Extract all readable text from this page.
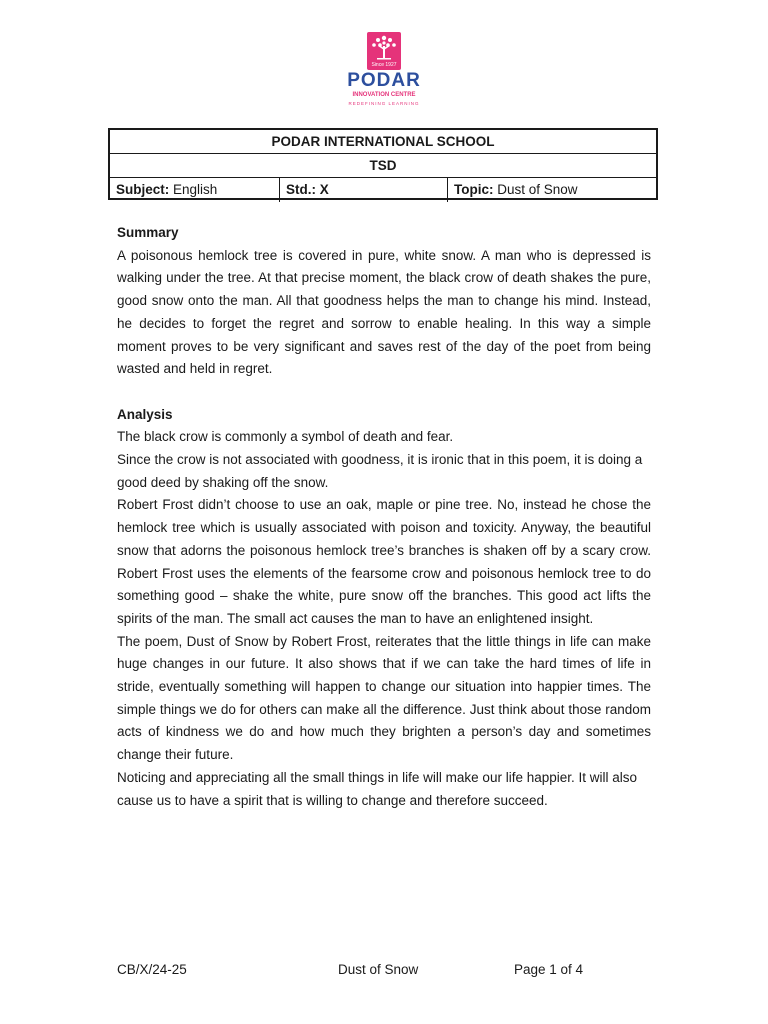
Since 1927
PODAR
INNOVATION CENTRE
REDEFINING LEARNING
PODAR INTERNATIONAL SCHOOL
TSD
Subject: English	Std.: X	Topic: Dust of Snow

Summary

A poisonous hemlock tree is covered in pure, white snow. A man who is depressed is walking under the tree. At that precise moment, the black crow of death shakes the pure, good snow onto the man. All that goodness helps the man to change his mind. Instead, he decides to forget the regret and sorrow to enable healing. In this way a simple moment proves to be very significant and saves rest of the day of the poet from being wasted and held in regret.

Analysis

The black crow is commonly a symbol of death and fear.

Since the crow is not associated with goodness, it is ironic that in this poem, it is doing a good deed by shaking off the snow.

Robert Frost didn’t choose to use an oak, maple or pine tree. No, instead he chose the hemlock tree which is usually associated with poison and toxicity. Anyway, the beautiful snow that adorns the poisonous hemlock tree’s branches is shaken off by a scary crow. Robert Frost uses the elements of the fearsome crow and poisonous hemlock tree to do something good – shake the white, pure snow off the branches. This good act lifts the spirits of the man. The small act causes the man to have an enlightened insight.

The poem, Dust of Snow by Robert Frost, reiterates that the little things in life can make huge changes in our future. It also shows that if we can take the hard times of life in stride, eventually something will happen to change our situation into happier times. The simple things we do for others can make all the difference. Just think about those random acts of kindness we do and how much they brighten a person’s day and sometimes change their future.

Noticing and appreciating all the small things in life will make our life happier. It will also cause us to have a spirit that is willing to change and therefore succeed.

CB/X/24-25	Dust of Snow	Page 1 of 4
